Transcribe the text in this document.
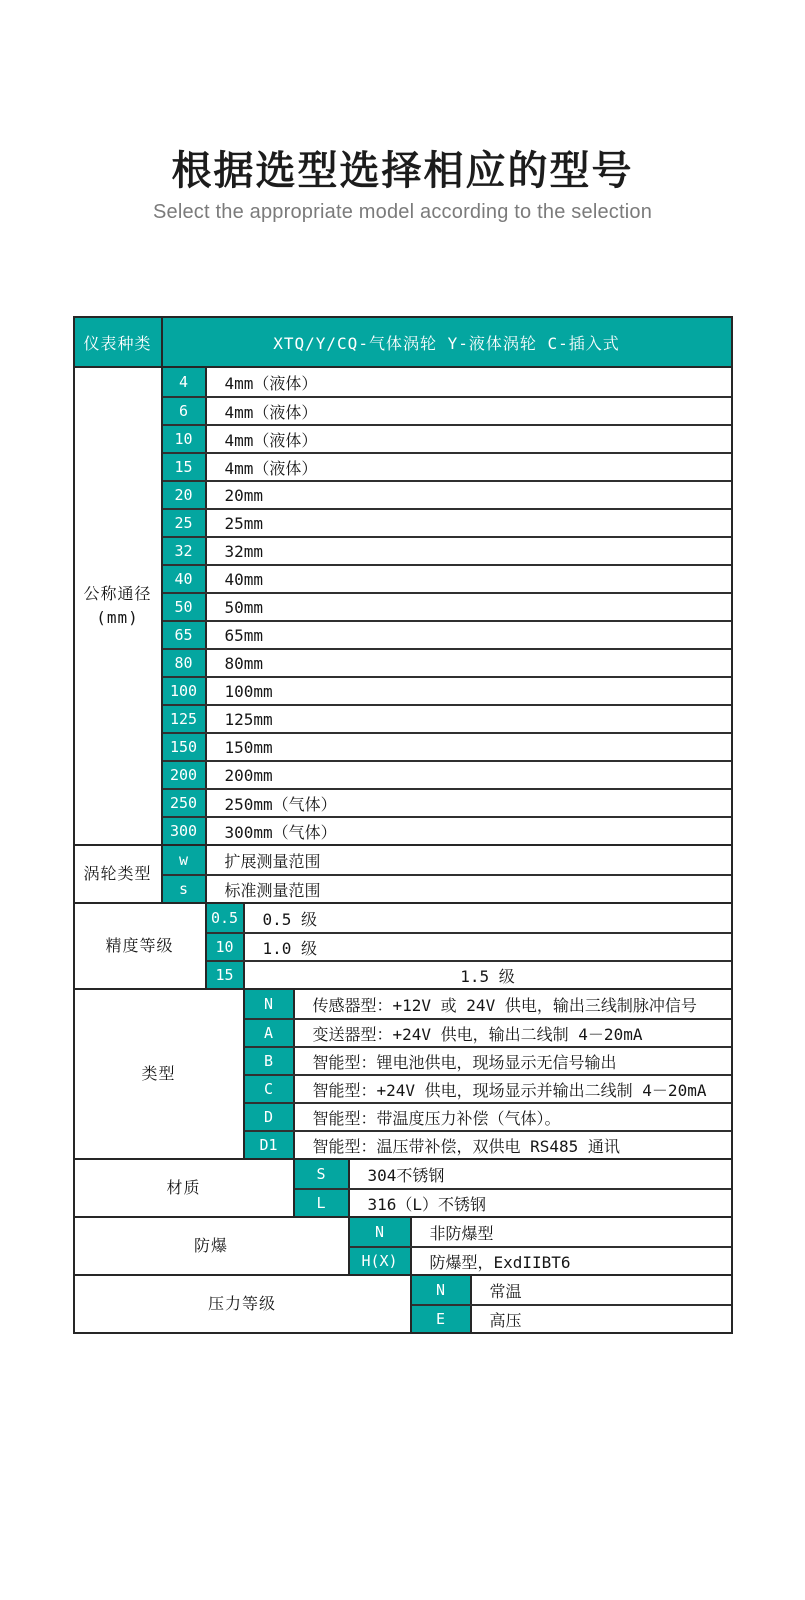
根据选型选择相应的型号
Select the appropriate model according to the selection
仪表种类	XTQ/Y/CQ-气体涡轮 Y-液体涡轮 C-插入式
公称通径
(mm)
4	4mm（液体）
6	4mm（液体）
10	4mm（液体）
15	4mm（液体）
20	20mm
25	25mm
32	32mm
40	40mm
50	50mm
65	65mm
80	80mm
100	100mm
125	125mm
150	150mm
200	200mm
250	250mm（气体）
300	300mm（气体）
涡轮类型
w	扩展测量范围
s	标准测量范围
精度等级
0.5	0.5 级
10	1.0 级
15	1.5 级
类型
N	传感器型：+12V 或 24V 供电，输出三线制脉冲信号
A	变送器型：+24V 供电，输出二线制 4－20mA
B	智能型：锂电池供电，现场显示无信号输出
C	智能型：+24V 供电，现场显示并输出二线制 4－20mA
D	智能型：带温度压力补偿（气体）。
D1	智能型：温压带补偿，双供电 RS485 通讯
材质
S	304不锈钢
L	316（L）不锈钢
防爆
N	非防爆型
H(X)	防爆型，ExdIIBT6
压力等级
N	常温
E	高压
